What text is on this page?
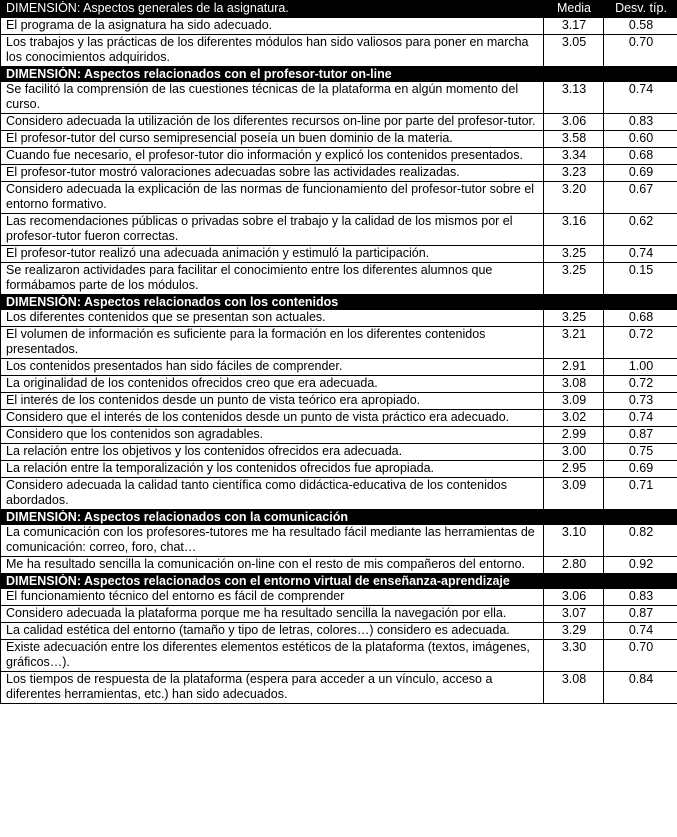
DIMENSIÓN: Aspectos generales de la asignatura.	Media	Desv. típ.
El programa de la asignatura ha sido adecuado.	3.17	0.58
Los trabajos y las prácticas de los diferentes módulos han sido valiosos para poner en marcha los conocimientos adquiridos.	3.05	0.70
DIMENSIÓN: Aspectos relacionados con el profesor-tutor on-line		
Se facilitó la comprensión de las cuestiones técnicas de la plataforma en algún momento del curso.	3.13	0.74
Considero adecuada la utilización de los diferentes recursos on-line por parte del profesor-tutor.	3.06	0.83
El profesor-tutor del curso semipresencial poseía un buen dominio de la materia.	3.58	0.60
Cuando fue necesario, el profesor-tutor dio información y explicó los contenidos presentados.	3.34	0.68
El profesor-tutor mostró valoraciones adecuadas sobre las actividades realizadas.	3.23	0.69
Considero adecuada la explicación de las normas de funcionamiento del profesor-tutor sobre el entorno formativo.	3.20	0.67
Las recomendaciones públicas o privadas sobre el trabajo y la calidad de los mismos por el profesor-tutor fueron correctas.	3.16	0.62
El profesor-tutor realizó una adecuada animación y estimuló la participación.	3.25	0.74
Se realizaron actividades para facilitar el conocimiento entre los diferentes alumnos que formábamos parte de los módulos.	3.25	0.15
DIMENSIÓN: Aspectos relacionados con los contenidos		
Los diferentes contenidos que se presentan son actuales.	3.25	0.68
El volumen de información es suficiente para la formación en los diferentes contenidos presentados.	3.21	0.72
Los contenidos presentados han sido fáciles de comprender.	2.91	1.00
La originalidad de los contenidos ofrecidos creo que era adecuada.	3.08	0.72
El interés de los contenidos desde un punto de vista teórico era apropiado.	3.09	0.73
Considero que el interés de los contenidos desde un punto de vista práctico era adecuado.	3.02	0.74
Considero que los contenidos son agradables.	2.99	0.87
La relación entre los objetivos y los contenidos ofrecidos era adecuada.	3.00	0.75
La relación entre la temporalización y los contenidos ofrecidos fue apropiada.	2.95	0.69
Considero adecuada la calidad tanto científica como didáctica-educativa de los contenidos abordados.	3.09	0.71
DIMENSIÓN: Aspectos relacionados con la comunicación		
La comunicación con los profesores-tutores me ha resultado fácil mediante las herramientas de comunicación: correo, foro, chat…	3.10	0.82
Me ha resultado sencilla la comunicación on-line con el resto de mis compañeros del entorno.	2.80	0.92
DIMENSIÓN: Aspectos relacionados con el entorno virtual de enseñanza-aprendizaje		
El funcionamiento técnico del entorno es fácil de comprender	3.06	0.83
Considero adecuada la plataforma porque me ha resultado sencilla la navegación por ella.	3.07	0.87
La calidad estética del entorno (tamaño y tipo de letras, colores…) considero es adecuada.	3.29	0.74
Existe adecuación entre los diferentes elementos estéticos de la plataforma (textos, imágenes, gráficos…).	3.30	0.70
Los tiempos de respuesta de la plataforma (espera para acceder a un vínculo, acceso a diferentes herramientas, etc.) han sido adecuados.	3.08	0.84
